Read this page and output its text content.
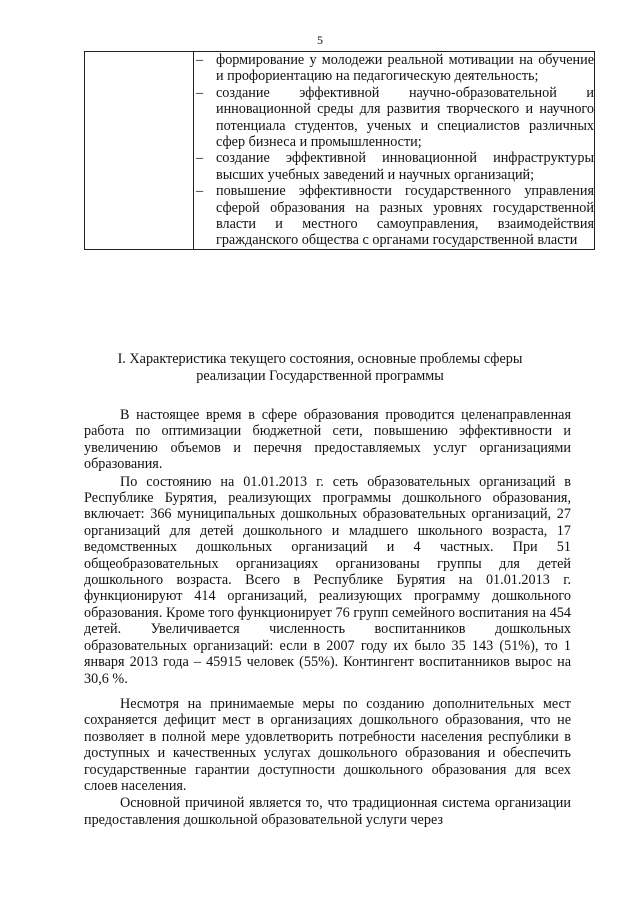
5

– формирование у молодежи реальной мотивации на обучение и профориентацию на педагогическую деятельность;
– создание эффективной научно-образовательной и инновационной среды для развития творческого и научного потенциала студентов, ученых и специалистов различных сфер бизнеса и промышленности;
– создание эффективной инновационной инфраструктуры высших учебных заведений и научных организаций;
– повышение эффективности государственного управления сферой образования на разных уровнях государственной власти и местного самоуправления, взаимодействия гражданского общества с органами государственной власти
I. Характеристика текущего состояния, основные проблемы сферы
реализации Государственной программы

В настоящее время в сфере образования проводится целенаправленная работа по оптимизации бюджетной сети, повышению эффективности и увеличению объемов и перечня предоставляемых услуг организациями образования.

По состоянию на 01.01.2013 г. сеть образовательных организаций в Республике Бурятия, реализующих программы дошкольного образования, включает: 366 муниципальных дошкольных образовательных организаций, 27 организаций для детей дошкольного и младшего школьного возраста, 17 ведомственных дошкольных организаций и 4 частных. При 51 общеобразовательных организациях организованы группы для детей дошкольного возраста. Всего в Республике Бурятия на 01.01.2013 г. функционируют 414 организаций, реализующих программу дошкольного образования. Кроме того функционирует 76 групп семейного воспитания на 454 детей. Увеличивается численность воспитанников дошкольных образовательных организаций: если в 2007 году их было 35 143 (51%), то 1 января 2013 года – 45915 человек (55%). Контингент воспитанников вырос на 30,6 %.

Несмотря на принимаемые меры по созданию дополнительных мест сохраняется дефицит мест в организациях дошкольного образования, что не позволяет в полной мере удовлетворить потребности населения республики в доступных и качественных услугах дошкольного образования и обеспечить государственные гарантии доступности дошкольного образования для всех слоев населения.

Основной причиной является то, что традиционная система организации предоставления дошкольной образовательной услуги через
